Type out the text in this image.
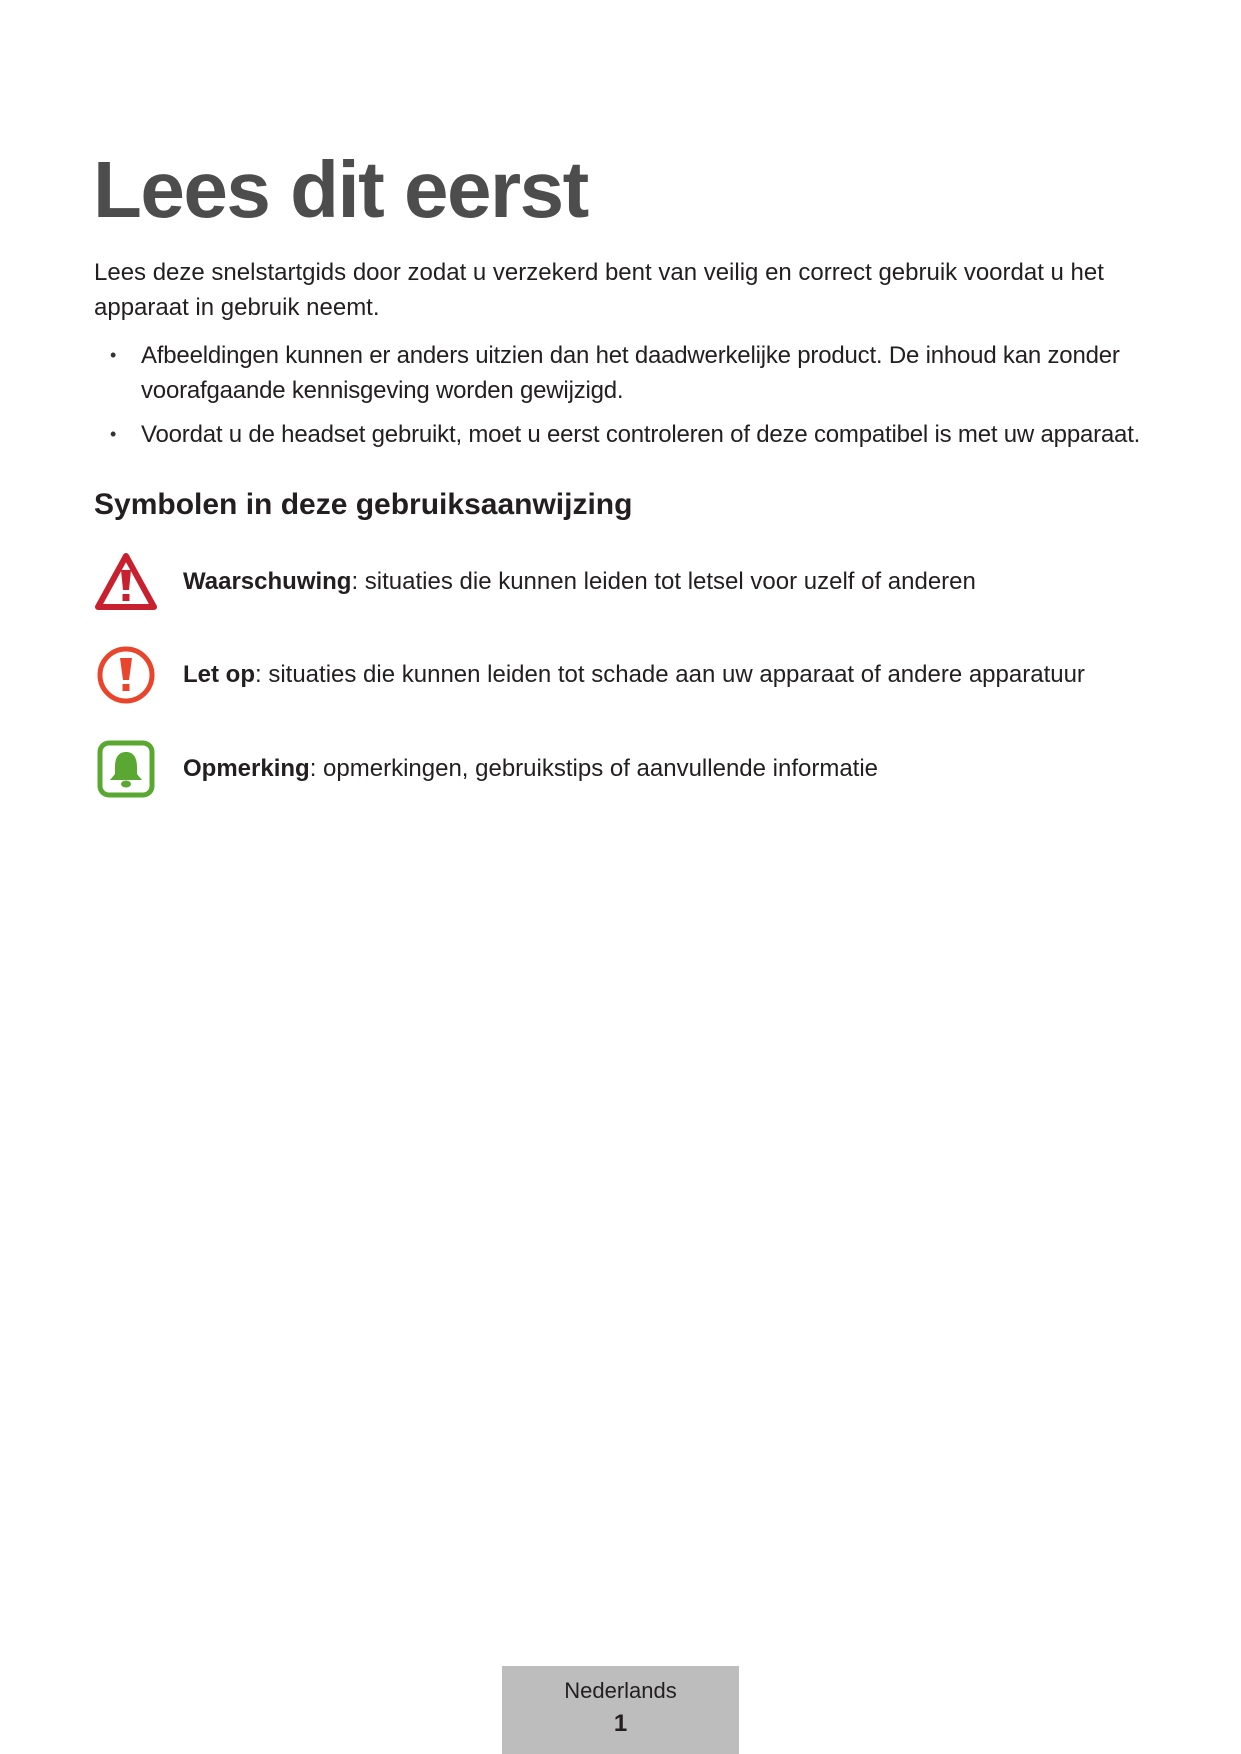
Lees dit eerst

Lees deze snelstartgids door zodat u verzekerd bent van veilig en correct gebruik voordat u het apparaat in gebruik neemt.

• Afbeeldingen kunnen er anders uitzien dan het daadwerkelijke product. De inhoud kan zonder voorafgaande kennisgeving worden gewijzigd.
• Voordat u de headset gebruikt, moet u eerst controleren of deze compatibel is met uw apparaat.
Symbolen in deze gebruiksaanwijzing
Waarschuwing: situaties die kunnen leiden tot letsel voor uzelf of anderen
Let op: situaties die kunnen leiden tot schade aan uw apparaat of andere apparatuur
Opmerking: opmerkingen, gebruikstips of aanvullende informatie
Nederlands
1
